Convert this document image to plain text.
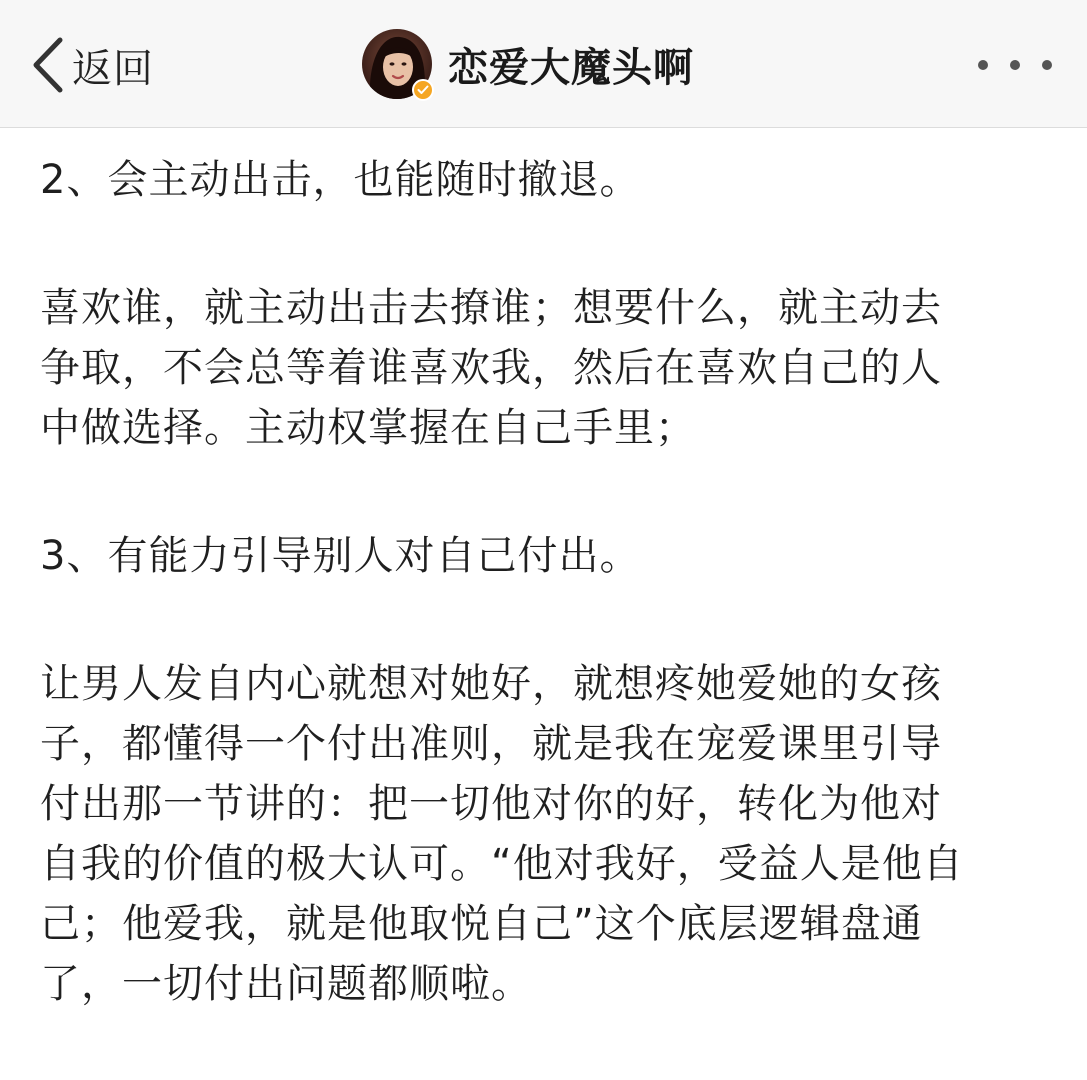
返回	恋爱大魔头啊
2、会主动出击，也能随时撤退。
喜欢谁，就主动出击去撩谁；想要什么，就主动去
争取，不会总等着谁喜欢我，然后在喜欢自己的人
中做选择。主动权掌握在自己手里；
3、有能力引导别人对自己付出。
让男人发自内心就想对她好，就想疼她爱她的女孩
子，都懂得一个付出准则，就是我在宠爱课里引导
付出那一节讲的：把一切他对你的好，转化为他对
自我的价值的极大认可。“他对我好，受益人是他自
己；他爱我，就是他取悦自己”这个底层逻辑盘通
了，一切付出问题都顺啦。
